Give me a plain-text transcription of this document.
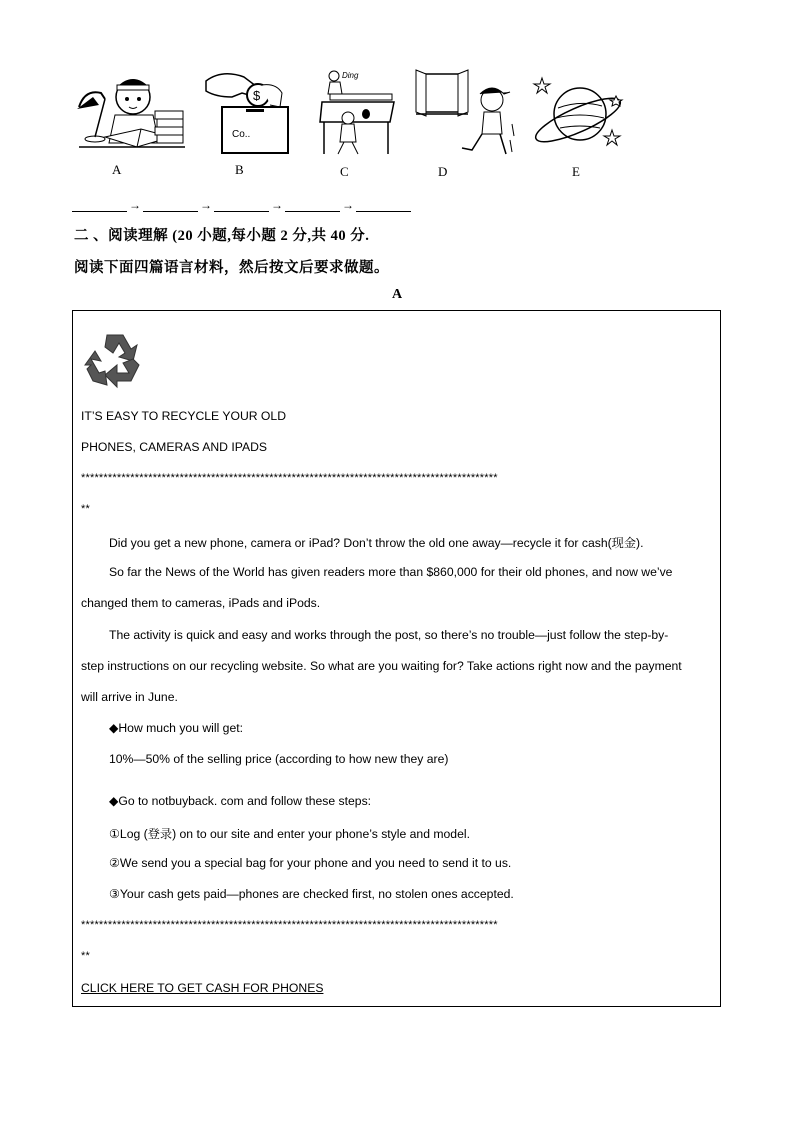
$
Co..
Ding
A	B	C	D	E
→	→	→	→
二 、阅读理解 (20 小题,每小题 2 分,共 40 分.
阅读下面四篇语言材料，然后按文后要求做题。
A
IT’S EASY TO RECYCLE YOUR OLD
PHONES, CAMERAS AND IPADS
*********************************************************************************************
**
Did you get a new phone, camera or iPad? Don’t throw the old one away—recycle it for cash(现金).
So far the News of the World has given readers more than $860,000 for their old phones, and now we’ve
changed them to cameras, iPads and iPods.
The activity is quick and easy and works through the post, so there’s no trouble—just follow the step-by-
step instructions on our recycling website. So what are you waiting for? Take actions right now and the payment
will arrive in June.
◆How much you will get:
10%—50% of the selling price (according to how new they are)
◆Go to notbuyback. com and follow these steps:
①Log (登录) on to our site and enter your phone’s style and model.
②We send you a special bag for your phone and you need to send it to us.
③Your cash gets paid—phones are checked first, no stolen ones accepted.
*********************************************************************************************
**
CLICK HERE TO GET CASH FOR PHONES
